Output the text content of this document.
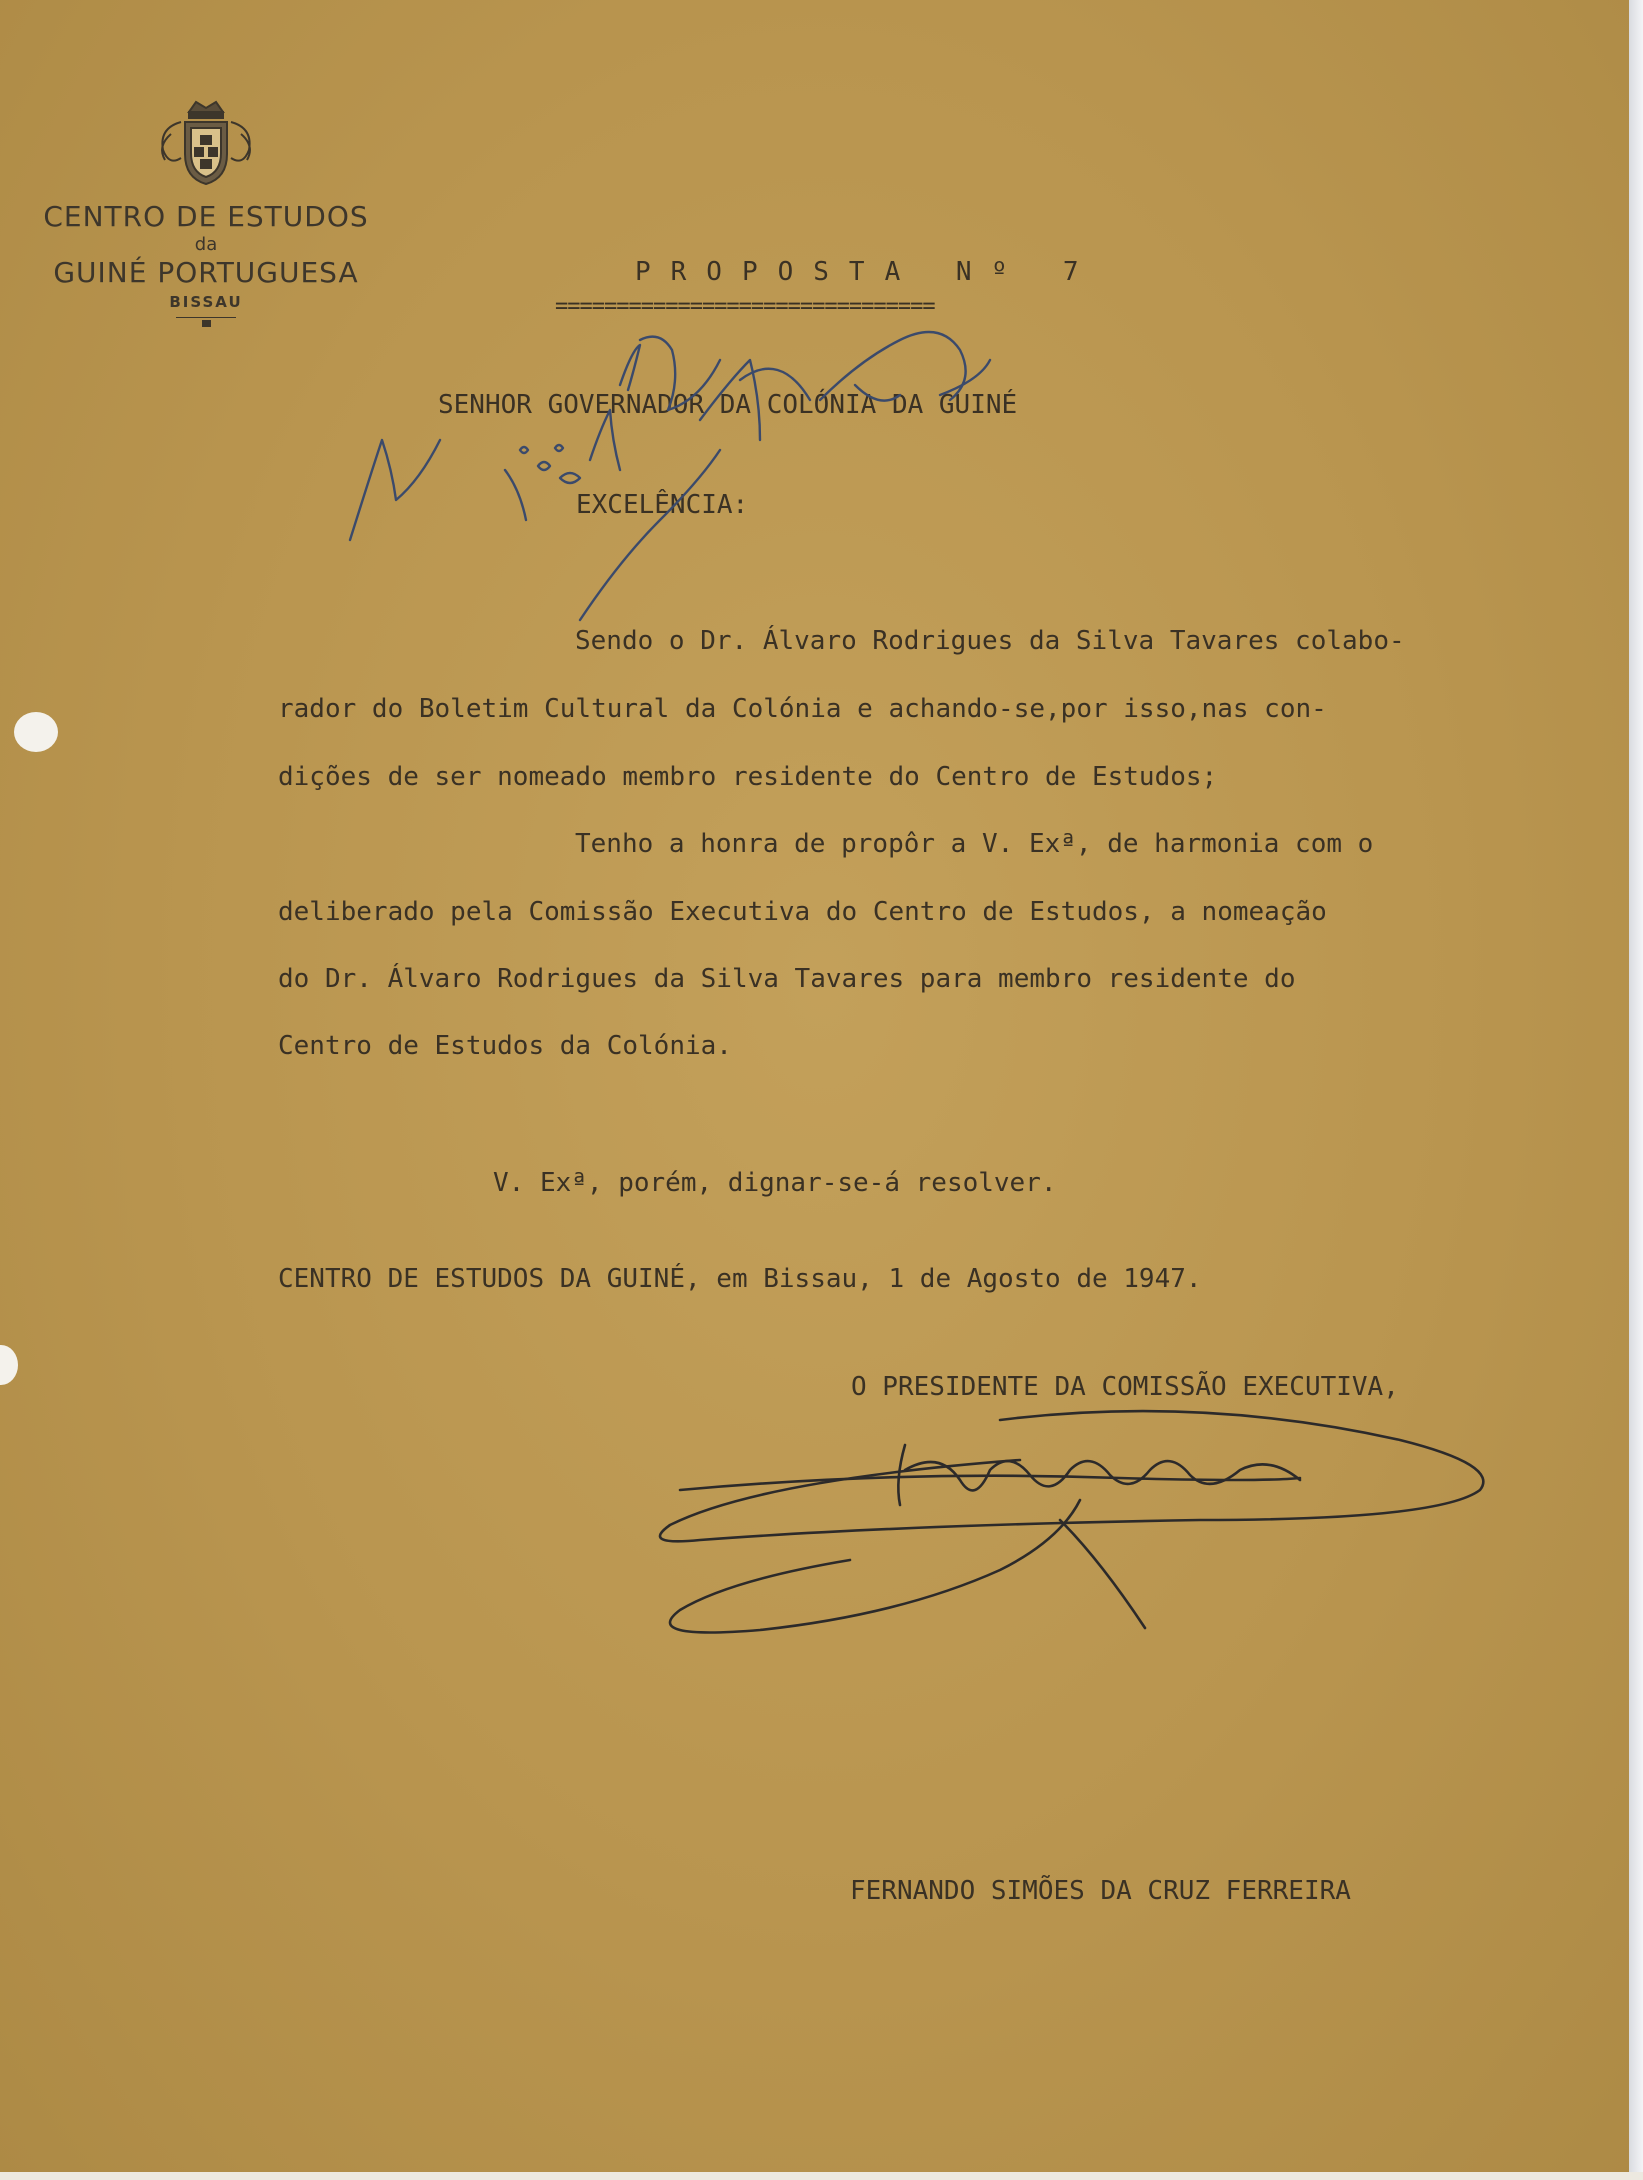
CENTRO DE ESTUDOS
da
GUINÉ PORTUGUESA
BISSAU
PROPOSTA Nº 7
===============================
SENHOR GOVERNADOR DA COLÓNIA DA GUINÉ
EXCELÊNCIA:
Sendo o Dr. Álvaro Rodrigues da Silva Tavares colabo-
rador do Boletim Cultural da Colónia e achando-se,por isso,nas con-
dições de ser nomeado membro residente do Centro de Estudos;
Tenho a honra de propôr a V. Exª, de harmonia com o
deliberado pela Comissão Executiva do Centro de Estudos, a nomeação
do Dr. Álvaro Rodrigues da Silva Tavares para membro residente do
Centro de Estudos da Colónia.
V. Exª, porém, dignar-se-á resolver.
CENTRO DE ESTUDOS DA GUINÉ, em Bissau, 1 de Agosto de 1947.
O PRESIDENTE DA COMISSÃO EXECUTIVA,
FERNANDO SIMÕES DA CRUZ FERREIRA
